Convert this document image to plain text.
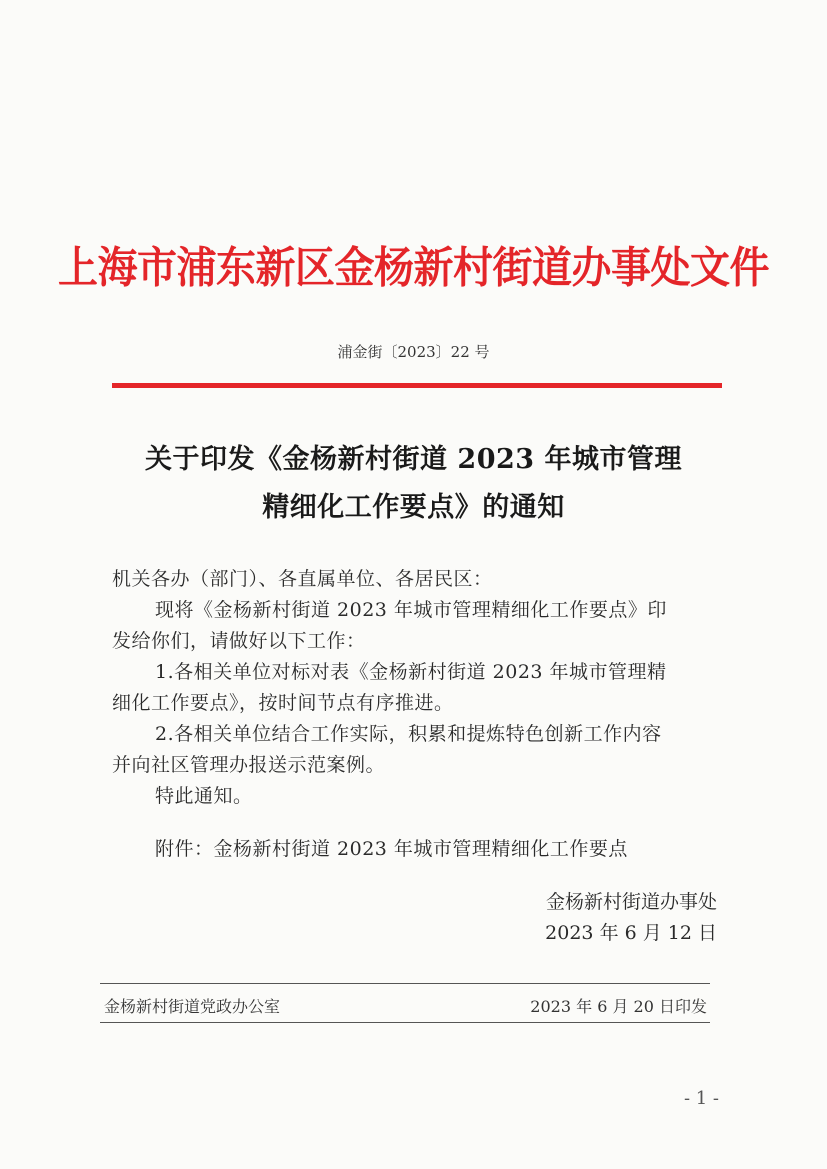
上海市浦东新区金杨新村街道办事处文件
浦金街〔2023〕22 号
关于印发《金杨新村街道 2023 年城市管理
精细化工作要点》的通知
机关各办（部门）、各直属单位、各居民区：
现将《金杨新村街道 2023 年城市管理精细化工作要点》印
发给你们，请做好以下工作：
1.各相关单位对标对表《金杨新村街道 2023 年城市管理精
细化工作要点》，按时间节点有序推进。
2.各相关单位结合工作实际，积累和提炼特色创新工作内容
并向社区管理办报送示范案例。
特此通知。
附件：金杨新村街道 2023 年城市管理精细化工作要点
金杨新村街道办事处
2023 年 6 月 12 日
金杨新村街道党政办公室	2023 年 6 月 20 日印发
- 1 -
